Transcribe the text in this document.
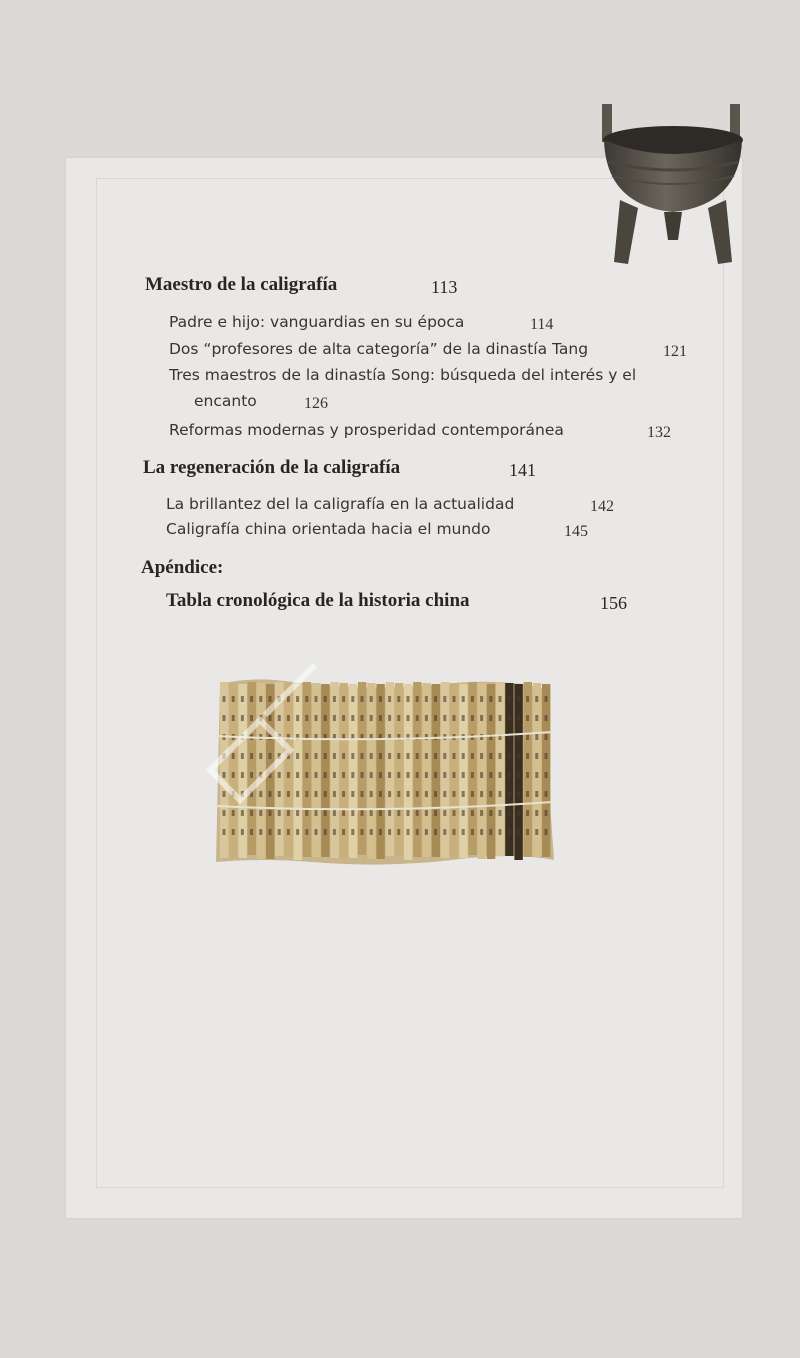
Maestro de la caligrafía	113
Padre e hijo: vanguardias en su época	114
Dos “profesores de alta categoría” de la dinastía Tang	121
Tres maestros de la dinastía Song: búsqueda del interés y el
encanto	126
Reformas modernas y prosperidad contemporánea	132
La regeneración de la caligrafía	141
La brillantez del la caligrafía en la actualidad	142
Caligrafía china orientada hacia el mundo	145
Apéndice:
Tabla cronológica de la historia china	156
